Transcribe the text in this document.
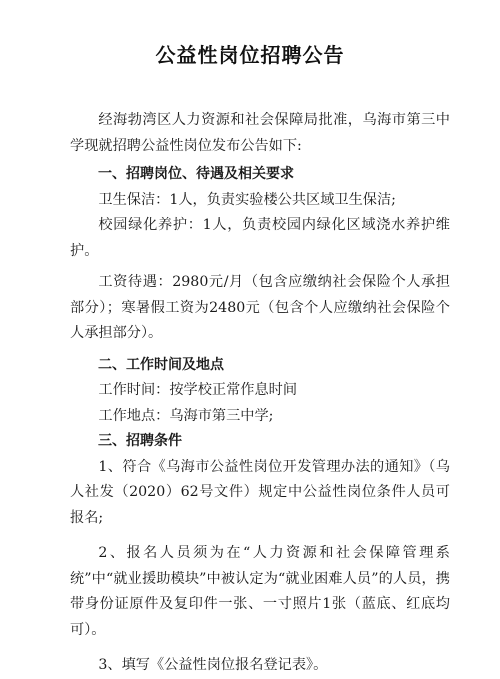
公益性岗位招聘公告

经海勃湾区人力资源和社会保障局批准，乌海市第三中学现就招聘公益性岗位发布公告如下:

一、招聘岗位、待遇及相关要求

卫生保洁：1人，负责实验楼公共区域卫生保洁;

校园绿化养护：1人，负责校园内绿化区域浇水养护维护。

工资待遇：2980元/月（包含应缴纳社会保险个人承担部分）；寒暑假工资为2480元（包含个人应缴纳社会保险个人承担部分）。

二、工作时间及地点

工作时间：按学校正常作息时间

工作地点：乌海市第三中学;

三、招聘条件

1、符合《乌海市公益性岗位开发管理办法的通知》（乌人社发（2020）62号文件）规定中公益性岗位条件人员可报名;

2、报名人员须为在“人力资源和社会保障管理系统”中“就业援助模块”中被认定为“就业困难人员”的人员，携带身份证原件及复印件一张、一寸照片1张（蓝底、红底均可）。

3、填写《公益性岗位报名登记表》。
